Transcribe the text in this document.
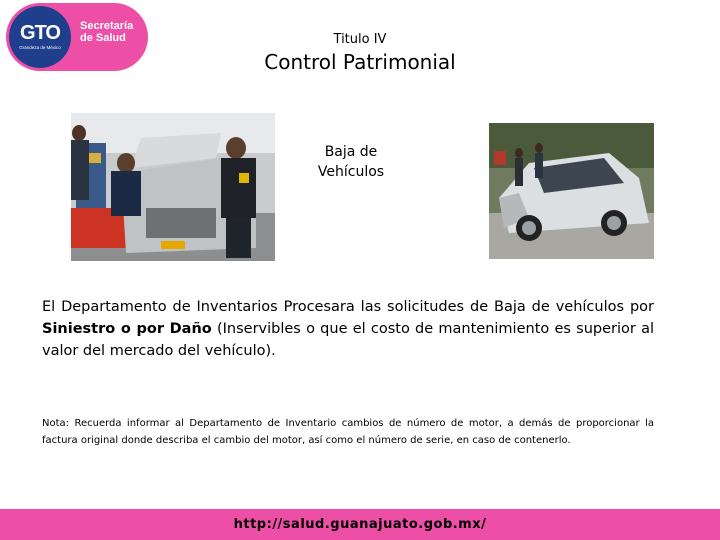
GTO
Grandeza de México
Secretaría
de Salud	Titulo IV
Control Patrimonial
Baja de
Vehículos
El Departamento de Inventarios Procesara las solicitudes de Baja de vehículos por Siniestro o por Daño (Inservibles o que el costo de mantenimiento es superior al valor del mercado del vehículo).
Nota: Recuerda informar al Departamento de Inventario cambios de número de motor, a demás de proporcionar la factura original donde describa el cambio del motor, así como el número de serie, en caso de contenerlo.
http://salud.guanajuato.gob.mx/
